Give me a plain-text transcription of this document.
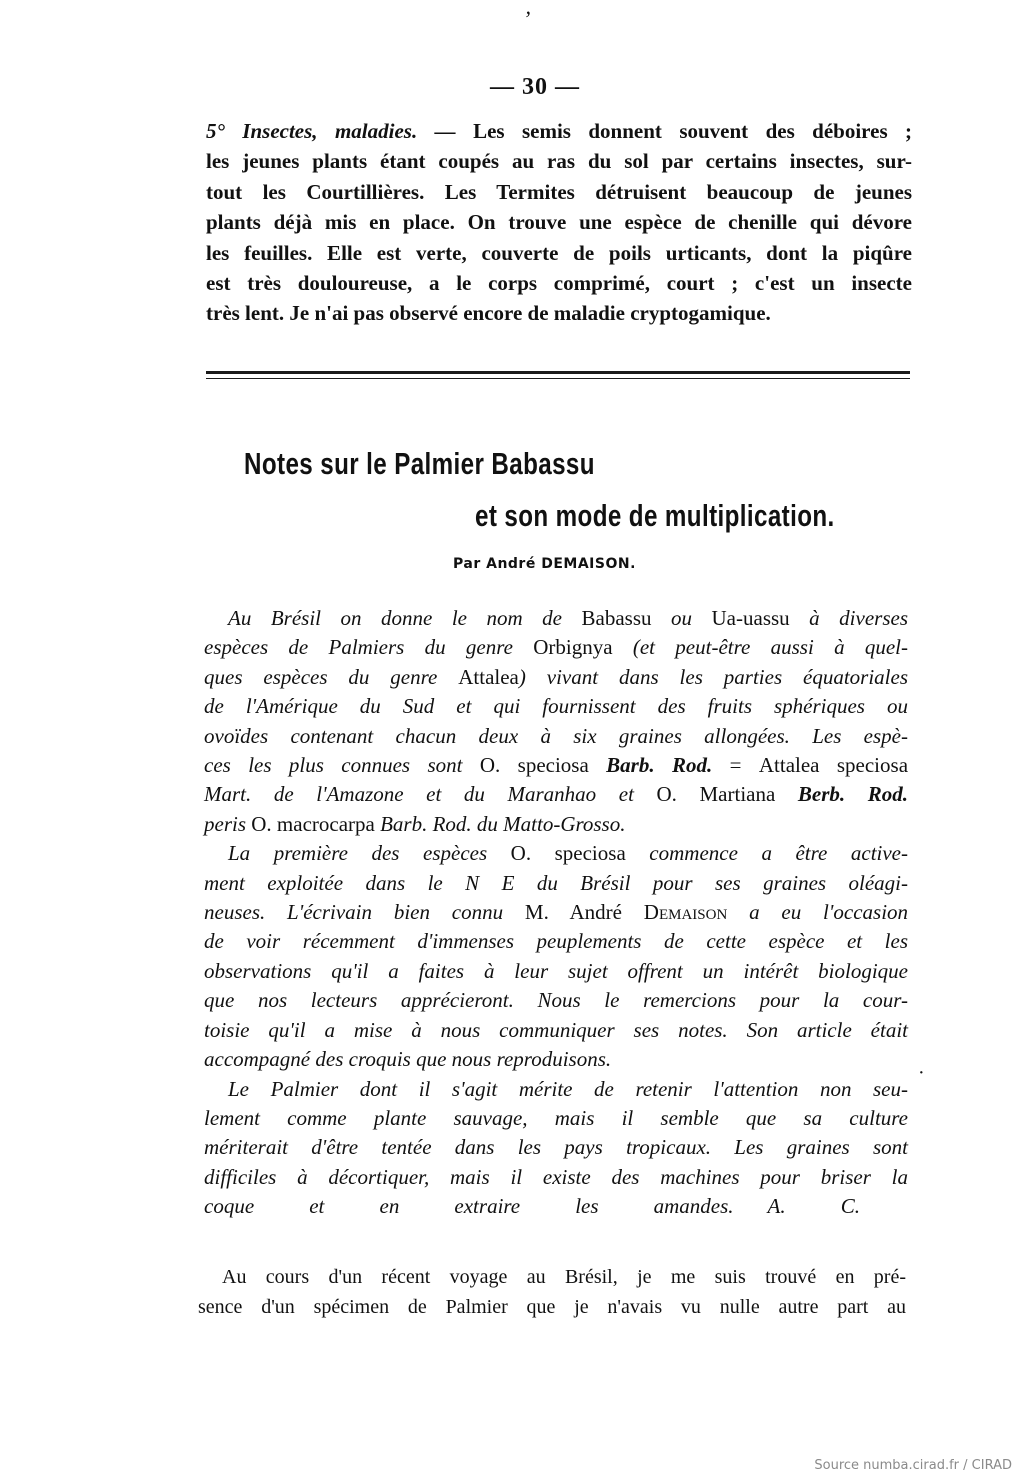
’
— 30 —
5° Insectes, maladies. — Les semis donnent souvent des déboires ;
les jeunes plants étant coupés au ras du sol par certains insectes, sur-
tout les Courtillières. Les Termites détruisent beaucoup de jeunes
plants déjà mis en place. On trouve une espèce de chenille qui dévore
les feuilles. Elle est verte, couverte de poils urticants, dont la piqûre
est très douloureuse, a le corps comprimé, court ; c'est un insecte
très lent. Je n'ai pas observé encore de maladie cryptogamique.
Notes sur le Palmier Babassu
et son mode de multiplication.
Par André DEMAISON.
Au Brésil on donne le nom de Babassu ou Ua-uassu à diverses
espèces de Palmiers du genre Orbignya (et peut-être aussi à quel-
ques espèces du genre Attalea) vivant dans les parties équatoriales
de l'Amérique du Sud et qui fournissent des fruits sphériques ou
ovoïdes contenant chacun deux à six graines allongées. Les espè-
ces les plus connues sont O. speciosa Barb. Rod. = Attalea speciosa
Mart. de l'Amazone et du Maranhao et O. Martiana Berb. Rod.
peris O. macrocarpa Barb. Rod. du Matto-Grosso.
La première des espèces O. speciosa commence a être active-
ment exploitée dans le N E du Brésil pour ses graines oléagi-
neuses. L'écrivain bien connu M. André Demaison a eu l'occasion
de voir récemment d'immenses peuplements de cette espèce et les
observations qu'il a faites à leur sujet offrent un intérêt biologique
que nos lecteurs apprécieront. Nous le remercions pour la cour-
toisie qu'il a mise à nous communiquer ses notes. Son article était
accompagné des croquis que nous reproduisons.
Le Palmier dont il s'agit mérite de retenir l'attention non seu-
lement comme plante sauvage, mais il semble que sa culture
mériterait d'être tentée dans les pays tropicaux. Les graines sont
difficiles à décortiquer, mais il existe des machines pour briser la
coque et en extraire les amandes. A. C.
·
Au cours d'un récent voyage au Brésil, je me suis trouvé en pré-
sence d'un spécimen de Palmier que je n'avais vu nulle autre part au
Source numba.cirad.fr / CIRAD
